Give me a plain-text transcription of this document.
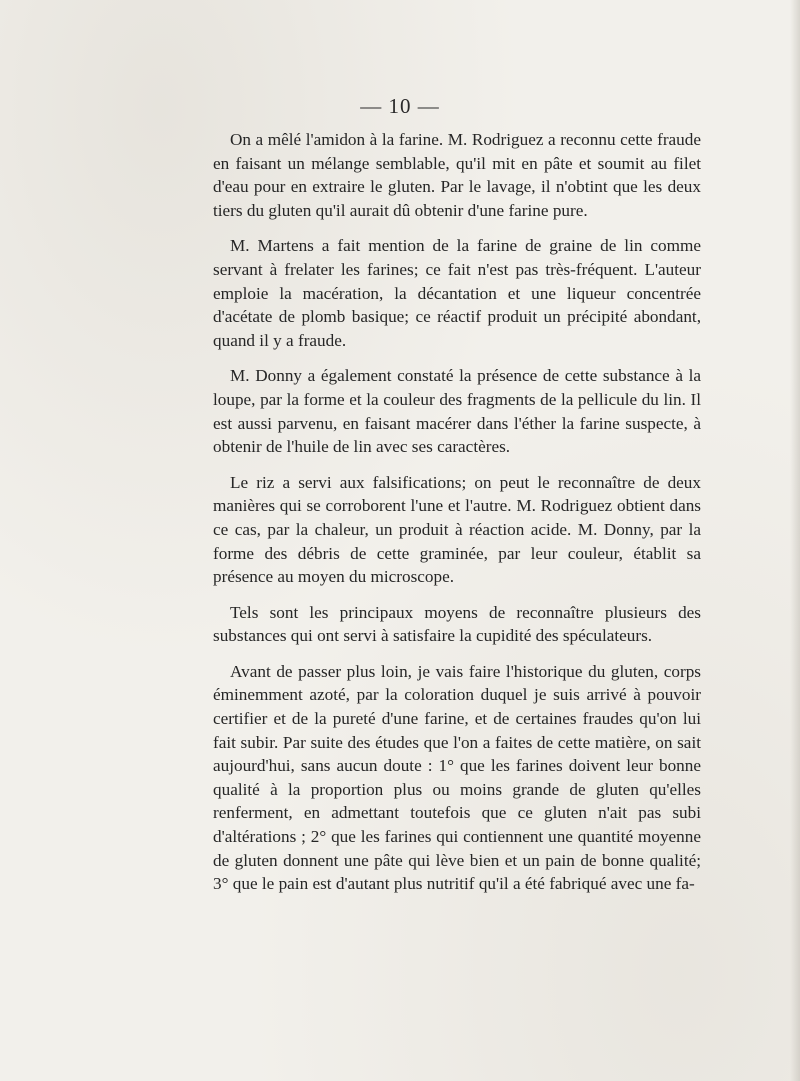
— 10 —

On a mêlé l'amidon à la farine. M. Rodriguez a reconnu cette fraude en faisant un mélange semblable, qu'il mit en pâte et soumit au filet d'eau pour en extraire le gluten. Par le lavage, il n'obtint que les deux tiers du gluten qu'il aurait dû obtenir d'une farine pure.

M. Martens a fait mention de la farine de graine de lin comme servant à frelater les farines; ce fait n'est pas très-fréquent. L'auteur emploie la macération, la décantation et une liqueur concentrée d'acétate de plomb basique; ce réactif produit un précipité abondant, quand il y a fraude.

M. Donny a également constaté la présence de cette substance à la loupe, par la forme et la couleur des fragments de la pellicule du lin. Il est aussi parvenu, en faisant macérer dans l'éther la farine suspecte, à obtenir de l'huile de lin avec ses caractères.

Le riz a servi aux falsifications; on peut le reconnaître de deux manières qui se corroborent l'une et l'autre. M. Rodriguez obtient dans ce cas, par la chaleur, un produit à réaction acide. M. Donny, par la forme des débris de cette graminée, par leur couleur, établit sa présence au moyen du microscope.

Tels sont les principaux moyens de reconnaître plusieurs des substances qui ont servi à satisfaire la cupidité des spéculateurs.

Avant de passer plus loin, je vais faire l'historique du gluten, corps éminemment azoté, par la coloration duquel je suis arrivé à pouvoir certifier et de la pureté d'une farine, et de certaines fraudes qu'on lui fait subir. Par suite des études que l'on a faites de cette matière, on sait aujourd'hui, sans aucun doute : 1° que les farines doivent leur bonne qualité à la proportion plus ou moins grande de gluten qu'elles renferment, en admettant toutefois que ce gluten n'ait pas subi d'altérations ; 2° que les farines qui contiennent une quantité moyenne de gluten donnent une pâte qui lève bien et un pain de bonne qualité; 3° que le pain est d'autant plus nutritif qu'il a été fabriqué avec une fa-
